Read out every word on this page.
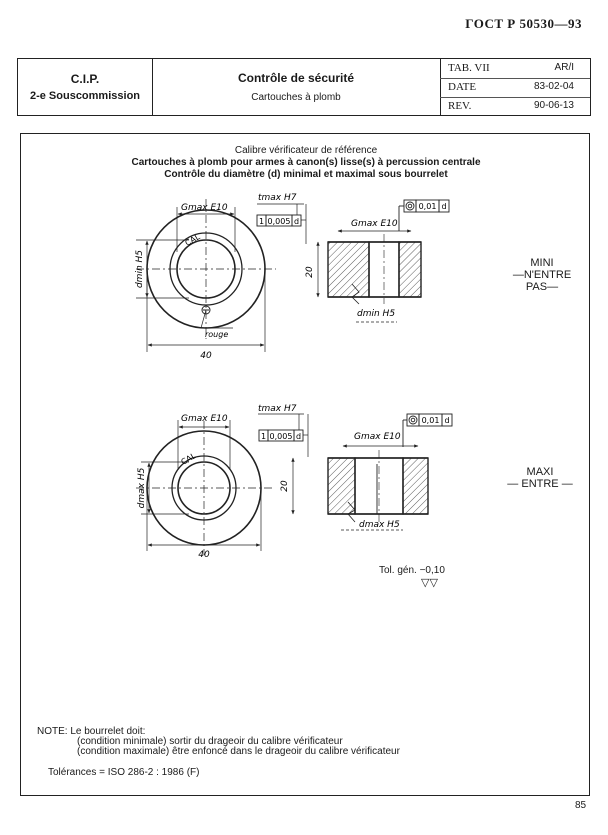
ГОСТ Р 50530—93
C.I.P.
2-e Souscommission
Contrôle de sécurité
Cartouches à plomb
TAB. VII	AR/I
DATE	83-02-04
REV.	90-06-13
Calibre vérificateur de référence
Cartouches à plomb pour armes à canon(s) lisse(s) à percussion centrale
Contrôle du diamètre (d) minimal et maximal sous bourrelet
Gmax E10
40
dmin H5
CAL
rouge
tmax H7
1 0,005 d
0,01 d
Gmax E10
20
dmin H5
Gmax E10
40
dmax H5
CAL
tmax H7
1 0,005 d
0,01 d
Gmax E10
20
dmax H5
MINI
—N'ENTRE PAS—
MAXI
— ENTRE —
Tol. gén. −0,10
▽▽
NOTE: Le bourrelet doit:
(condition minimale) sortir du drageoir du calibre vérificateur
(condition maximale) être enfoncé dans le drageoir du calibre vérificateur
Tolérances = ISO 286-2 : 1986 (F)
85
